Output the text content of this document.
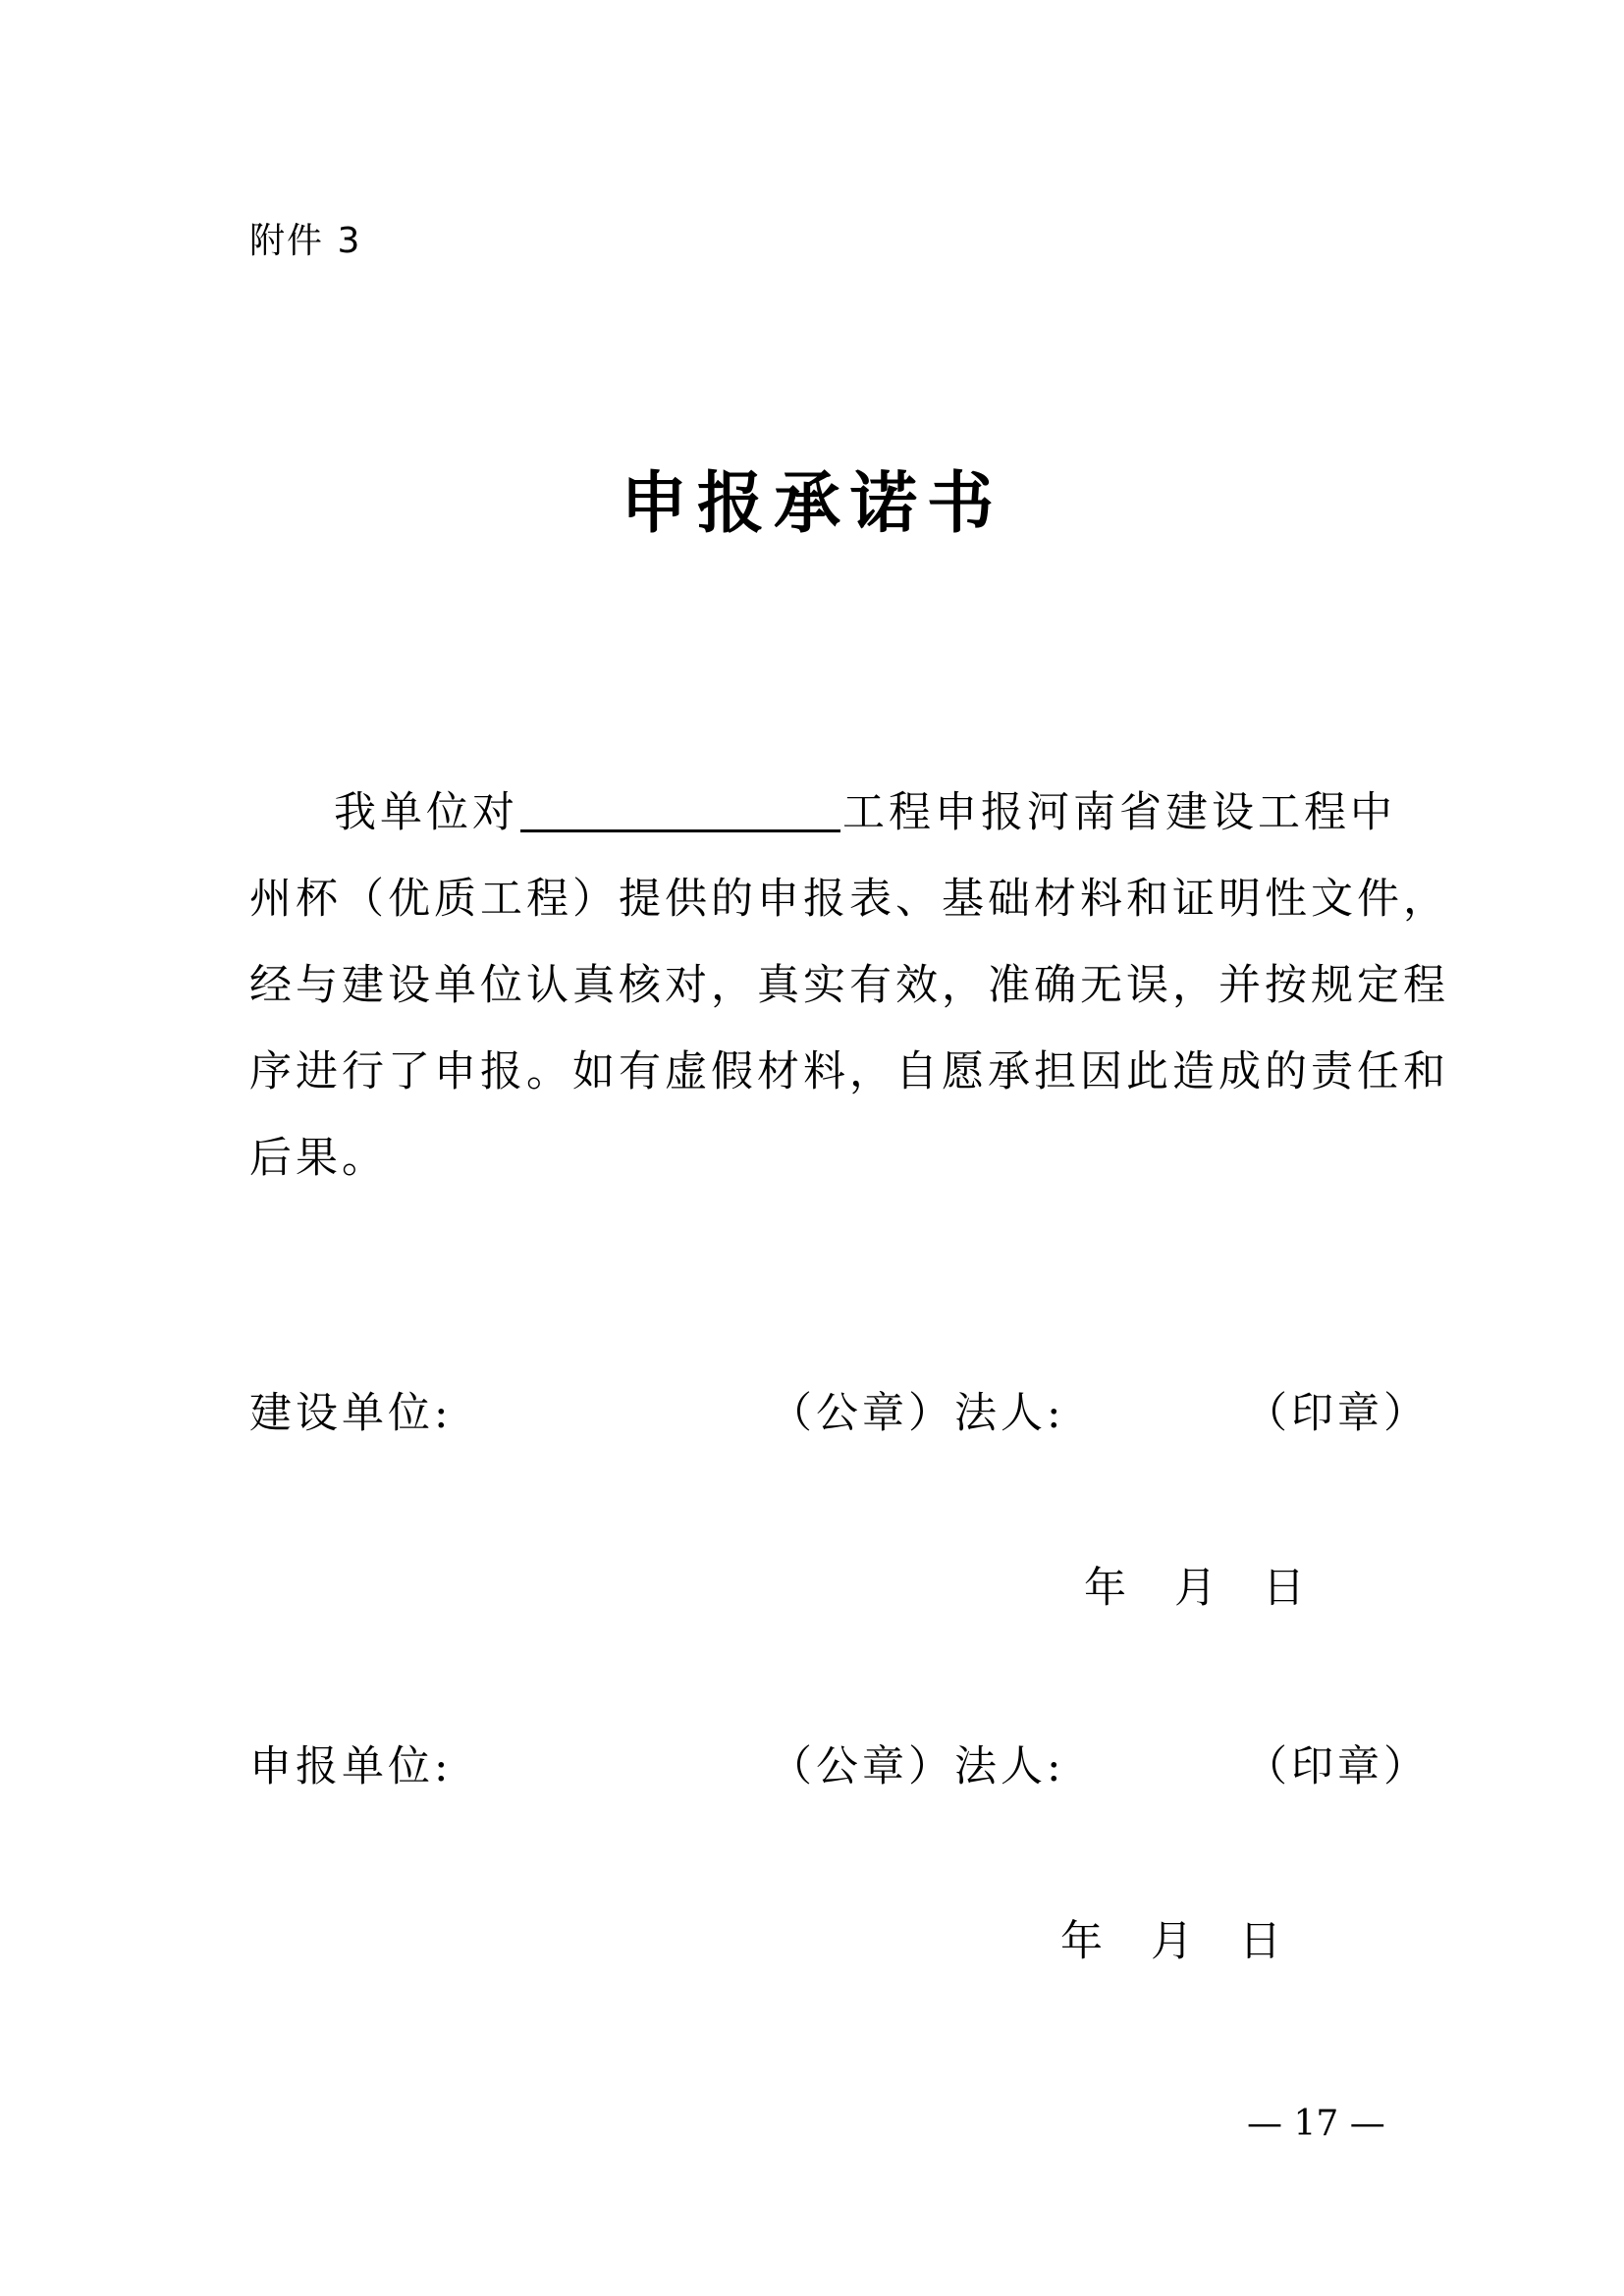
附件 3
申报承诺书
我单位对	工程申报河南省建设工程中
州杯（优质工程）提供的申报表、基础材料和证明性文件，
经与建设单位认真核对，真实有效，准确无误，并按规定程
序进行了申报。如有虚假材料，自愿承担因此造成的责任和
后果。
建设单位:	（公章） 法人:	（印章）
年 月 日
申报单位:	（公章） 法人:	（印章）
年 月 日
— 17 —
